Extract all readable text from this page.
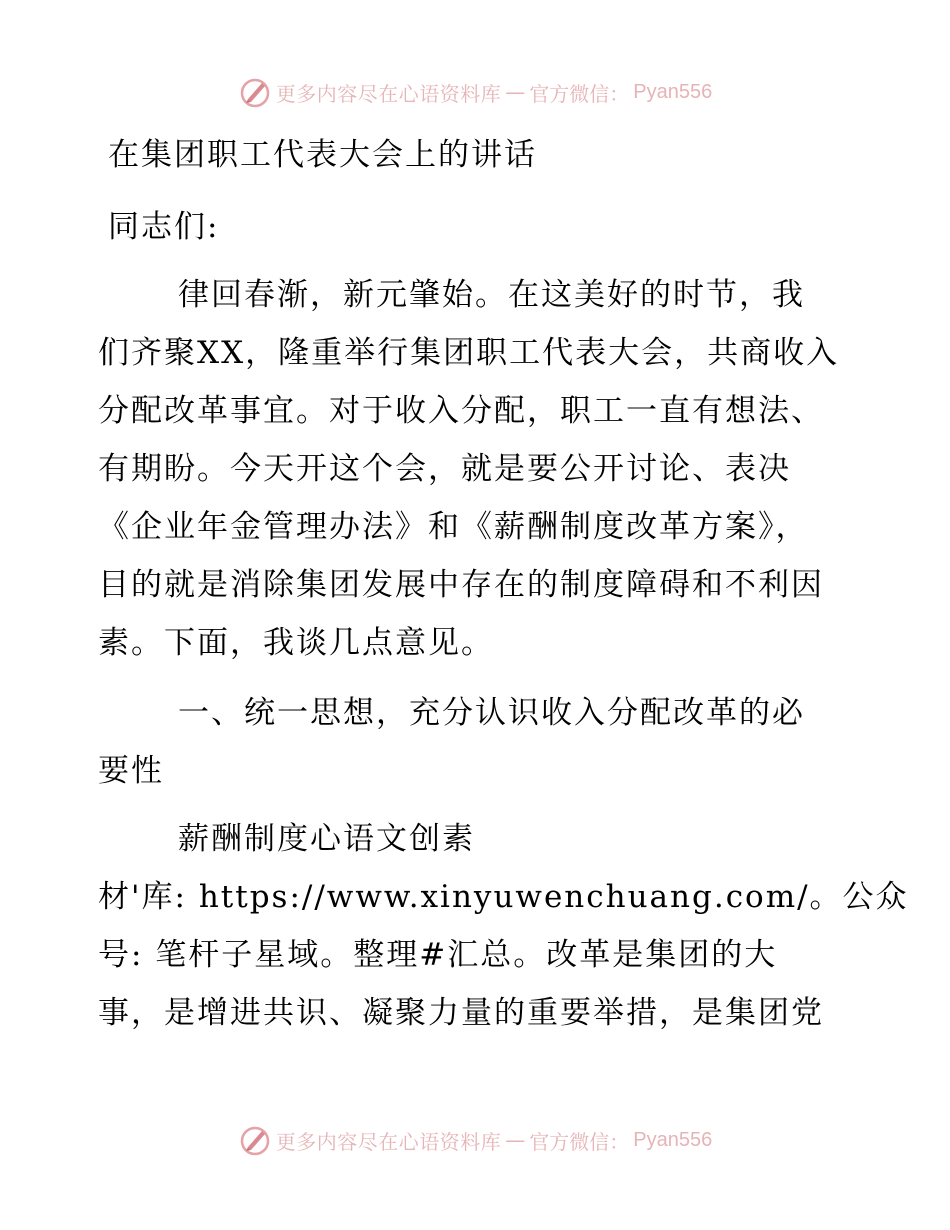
更多内容尽在心语资料库 — 官方微信： Pyan556
在集团职工代表大会上的讲话
同志们:
律回春渐，新元肇始。在这美好的时节，我
们齐聚XX，隆重举行集团职工代表大会，共商收入
分配改革事宜。对于收入分配，职工一直有想法、
有期盼。今天开这个会，就是要公开讨论、表决
《企业年金管理办法》和《薪酬制度改革方案》，
目的就是消除集团发展中存在的制度障碍和不利因
素。下面，我谈几点意见。
一、统一思想，充分认识收入分配改革的必
要性
薪酬制度心语文创素
材'库: https://www.xinyuwenchuang.com/。公众
号: 笔杆子星域。整理#汇总。改革是集团的大
事，是增进共识、凝聚力量的重要举措，是集团党
更多内容尽在心语资料库 — 官方微信： Pyan556
